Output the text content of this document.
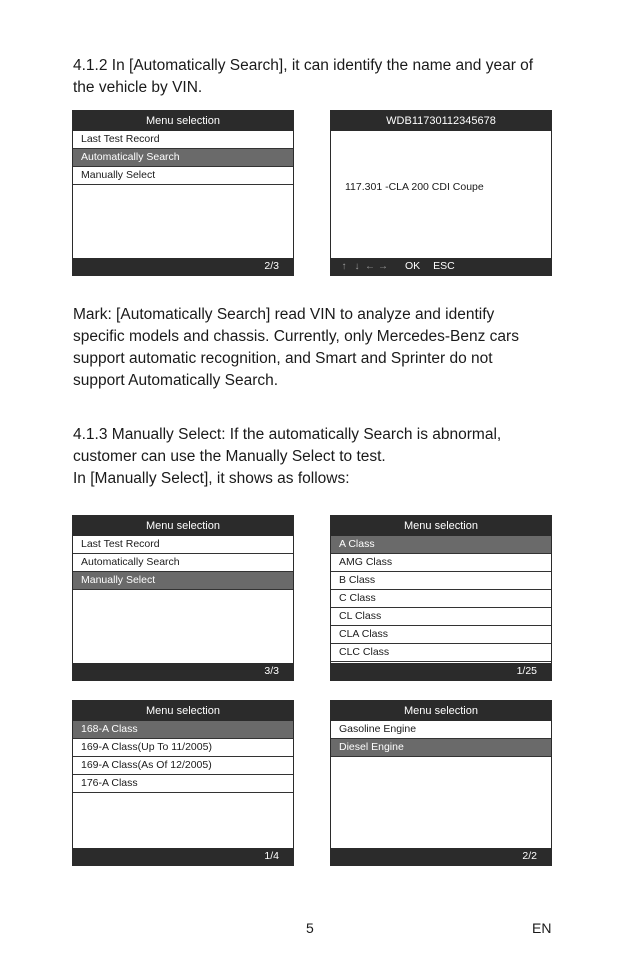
4.1.2 In [Automatically Search], it can identify the name and year of
the vehicle by VIN.

Menu selection
Last Test Record
Automatically Search
Manually Select
2/3
WDB11730112345678
117.301 -CLA 200 CDI Coupe
↑ ↓ ← → OK ESC

Mark: [Automatically Search] read VIN to analyze and identify
specific models and chassis. Currently, only Mercedes-Benz cars
support automatic recognition, and Smart and Sprinter do not
support Automatically Search.

4.1.3 Manually Select: If the automatically Search is abnormal,
customer can use the Manually Select to test.
In [Manually Select], it shows as follows:

Menu selection
Last Test Record
Automatically Search
Manually Select
3/3
Menu selection
A Class
AMG Class
B Class
C Class
CL Class
CLA Class
CLC Class
1/25
Menu selection
168-A Class
169-A Class(Up To 11/2005)
169-A Class(As Of 12/2005)
176-A Class
1/4
Menu selection
Gasoline Engine
Diesel Engine
2/2
5	EN
